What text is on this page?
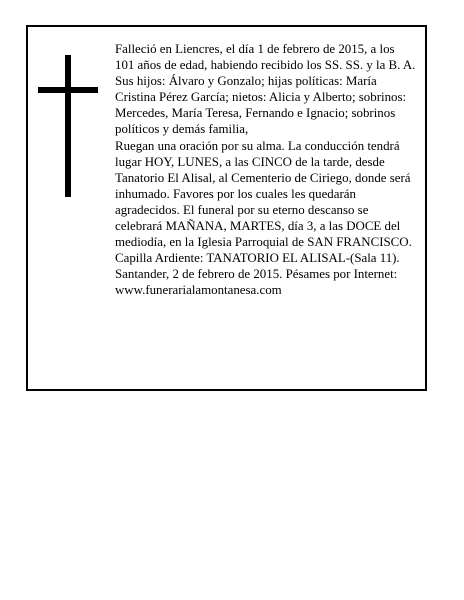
Falleció en Liencres, el día 1 de febrero de 2015, a los 101 años de edad, habiendo recibido los SS. SS. y la B. A.

Sus hijos: Álvaro y Gonzalo; hijas políticas: María Cristina Pérez García; nietos: Alicia y Alberto; sobrinos: Mercedes, María Teresa, Fernando e Ignacio; sobrinos políticos y demás familia,

Ruegan una oración por su alma. La conducción tendrá lugar HOY, LUNES, a las CINCO de la tarde, desde Tanatorio El Alisal, al Cementerio de Ciriego, donde será inhumado. Favores por los cuales les quedarán agradecidos. El funeral por su eterno descanso se celebrará MAÑANA, MARTES, día 3, a las DOCE del mediodía, en la Iglesia Parroquial de SAN FRANCISCO. Capilla Ardiente: TANATORIO EL ALISAL-(Sala 11).

Santander, 2 de febrero de 2015. Pésames por Internet: www.funerarialamontanesa.com
